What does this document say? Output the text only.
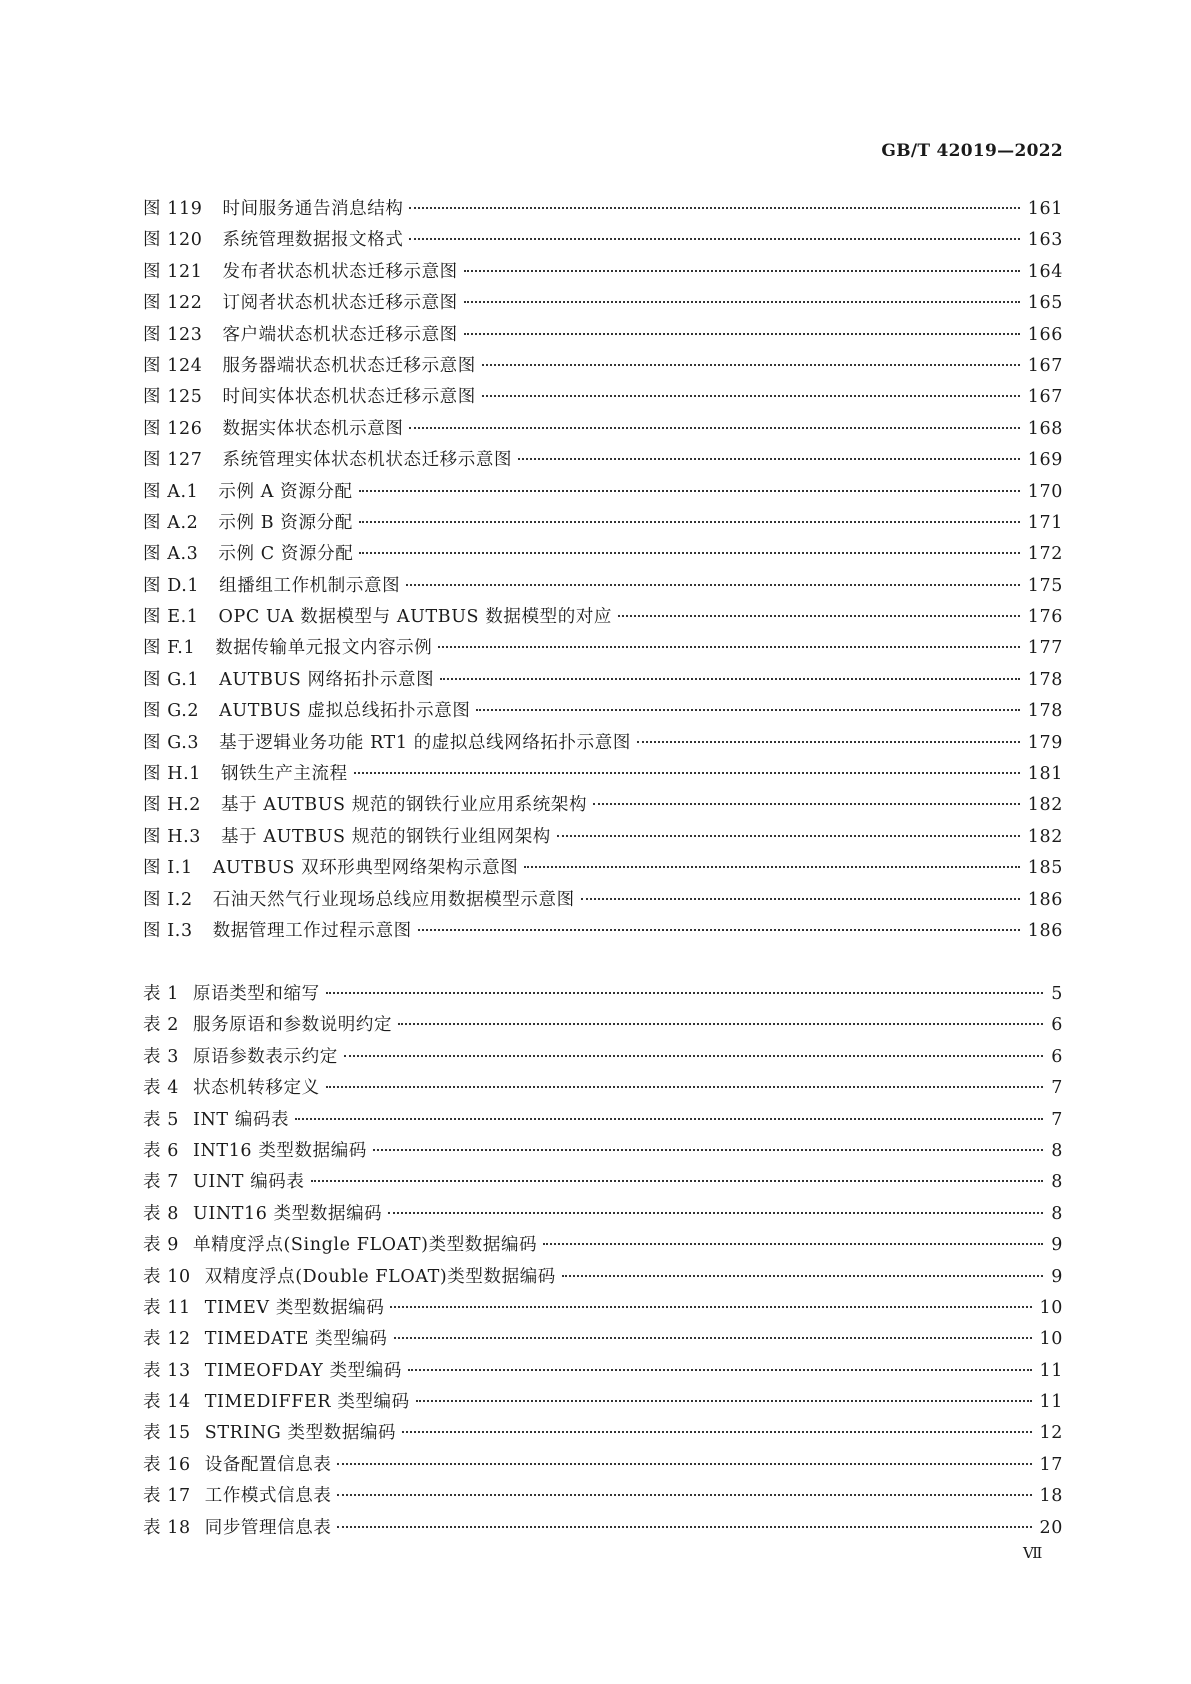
GB/T 42019—2022
图 119	时间服务通告消息结构	161
图 120	系统管理数据报文格式	163
图 121	发布者状态机状态迁移示意图	164
图 122	订阅者状态机状态迁移示意图	165
图 123	客户端状态机状态迁移示意图	166
图 124	服务器端状态机状态迁移示意图	167
图 125	时间实体状态机状态迁移示意图	167
图 126	数据实体状态机示意图	168
图 127	系统管理实体状态机状态迁移示意图	169
图 A.1	示例 A 资源分配	170
图 A.2	示例 B 资源分配	171
图 A.3	示例 C 资源分配	172
图 D.1	组播组工作机制示意图	175
图 E.1	OPC UA 数据模型与 AUTBUS 数据模型的对应	176
图 F.1	数据传输单元报文内容示例	177
图 G.1	AUTBUS 网络拓扑示意图	178
图 G.2	AUTBUS 虚拟总线拓扑示意图	178
图 G.3	基于逻辑业务功能 RT1 的虚拟总线网络拓扑示意图	179
图 H.1	钢铁生产主流程	181
图 H.2	基于 AUTBUS 规范的钢铁行业应用系统架构	182
图 H.3	基于 AUTBUS 规范的钢铁行业组网架构	182
图 I.1	AUTBUS 双环形典型网络架构示意图	185
图 I.2	石油天然气行业现场总线应用数据模型示意图	186
图 I.3	数据管理工作过程示意图	186
表 1 原语类型和缩写	5
表 2 服务原语和参数说明约定	6
表 3 原语参数表示约定	6
表 4 状态机转移定义	7
表 5 INT 编码表	7
表 6 INT16 类型数据编码	8
表 7 UINT 编码表	8
表 8 UINT16 类型数据编码	8
表 9 单精度浮点(Single FLOAT)类型数据编码	9
表 10 双精度浮点(Double FLOAT)类型数据编码	9
表 11 TIMEV 类型数据编码	10
表 12 TIMEDATE 类型编码	10
表 13 TIMEOFDAY 类型编码	11
表 14 TIMEDIFFER 类型编码	11
表 15 STRING 类型数据编码	12
表 16 设备配置信息表	17
表 17 工作模式信息表	18
表 18 同步管理信息表	20
Ⅶ
